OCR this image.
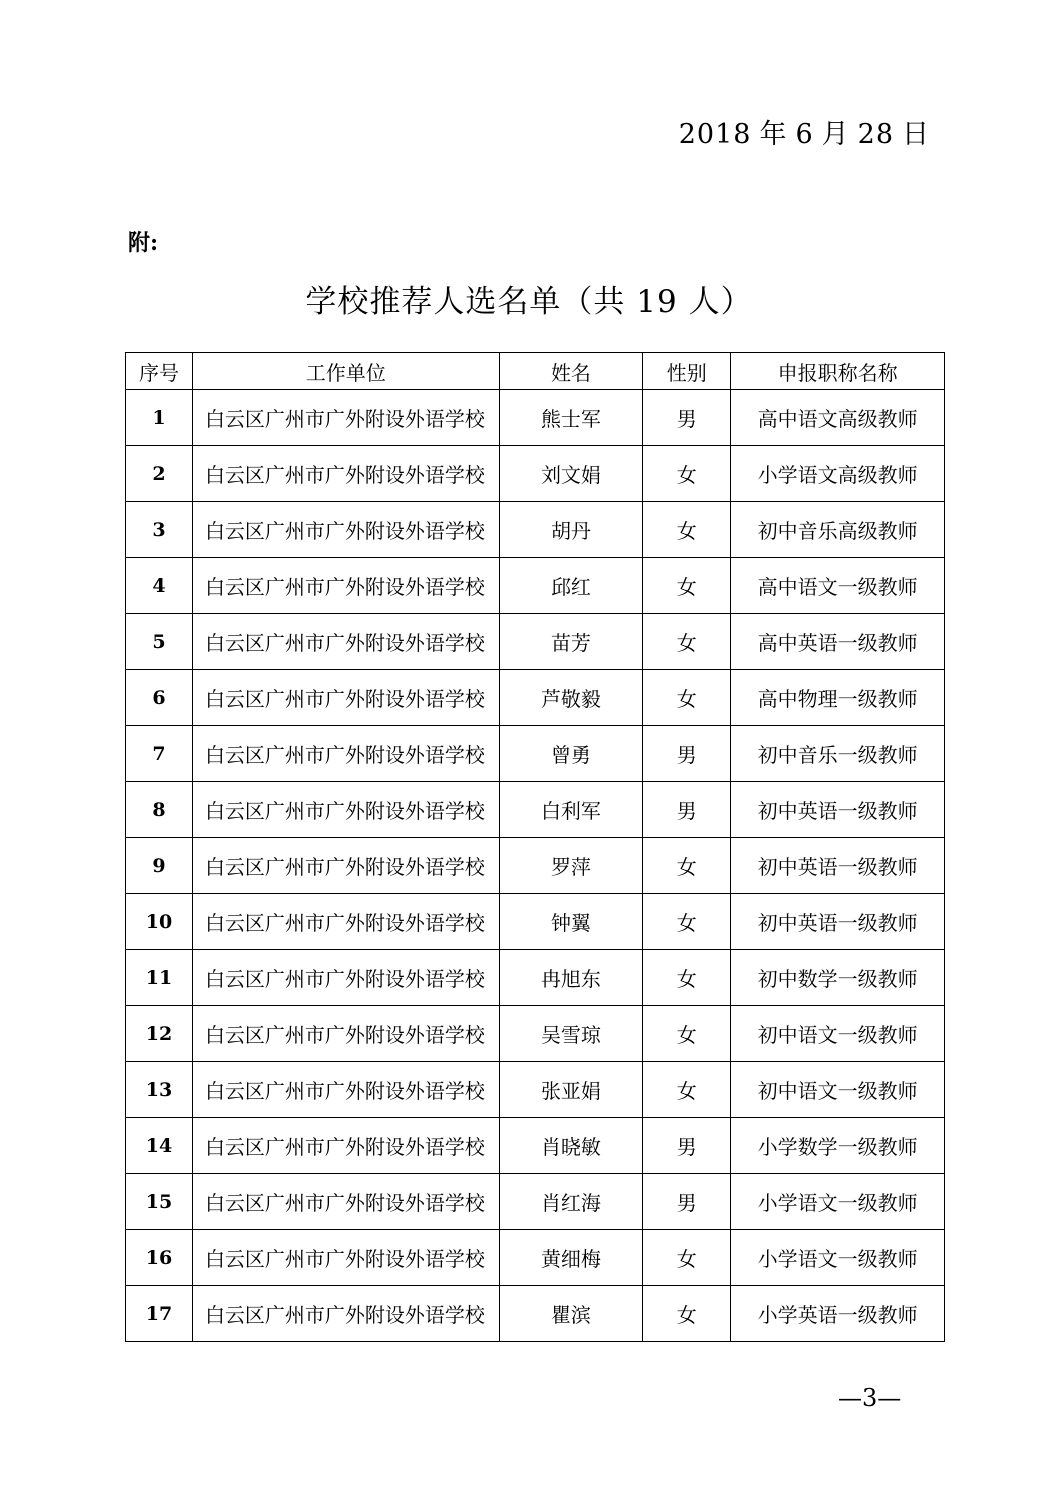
2018 年 6 月 28 日
附:
学校推荐人选名单（共 19 人）
序号	工作单位	姓名	性别	申报职称名称
1	白云区广州市广外附设外语学校	熊士军	男	高中语文高级教师
2	白云区广州市广外附设外语学校	刘文娟	女	小学语文高级教师
3	白云区广州市广外附设外语学校	胡丹	女	初中音乐高级教师
4	白云区广州市广外附设外语学校	邱红	女	高中语文一级教师
5	白云区广州市广外附设外语学校	苗芳	女	高中英语一级教师
6	白云区广州市广外附设外语学校	芦敬毅	女	高中物理一级教师
7	白云区广州市广外附设外语学校	曾勇	男	初中音乐一级教师
8	白云区广州市广外附设外语学校	白利军	男	初中英语一级教师
9	白云区广州市广外附设外语学校	罗萍	女	初中英语一级教师
10	白云区广州市广外附设外语学校	钟翼	女	初中英语一级教师
11	白云区广州市广外附设外语学校	冉旭东	女	初中数学一级教师
12	白云区广州市广外附设外语学校	吴雪琼	女	初中语文一级教师
13	白云区广州市广外附设外语学校	张亚娟	女	初中语文一级教师
14	白云区广州市广外附设外语学校	肖晓敏	男	小学数学一级教师
15	白云区广州市广外附设外语学校	肖红海	男	小学语文一级教师
16	白云区广州市广外附设外语学校	黄细梅	女	小学语文一级教师
17	白云区广州市广外附设外语学校	瞿滨	女	小学英语一级教师
—3—
